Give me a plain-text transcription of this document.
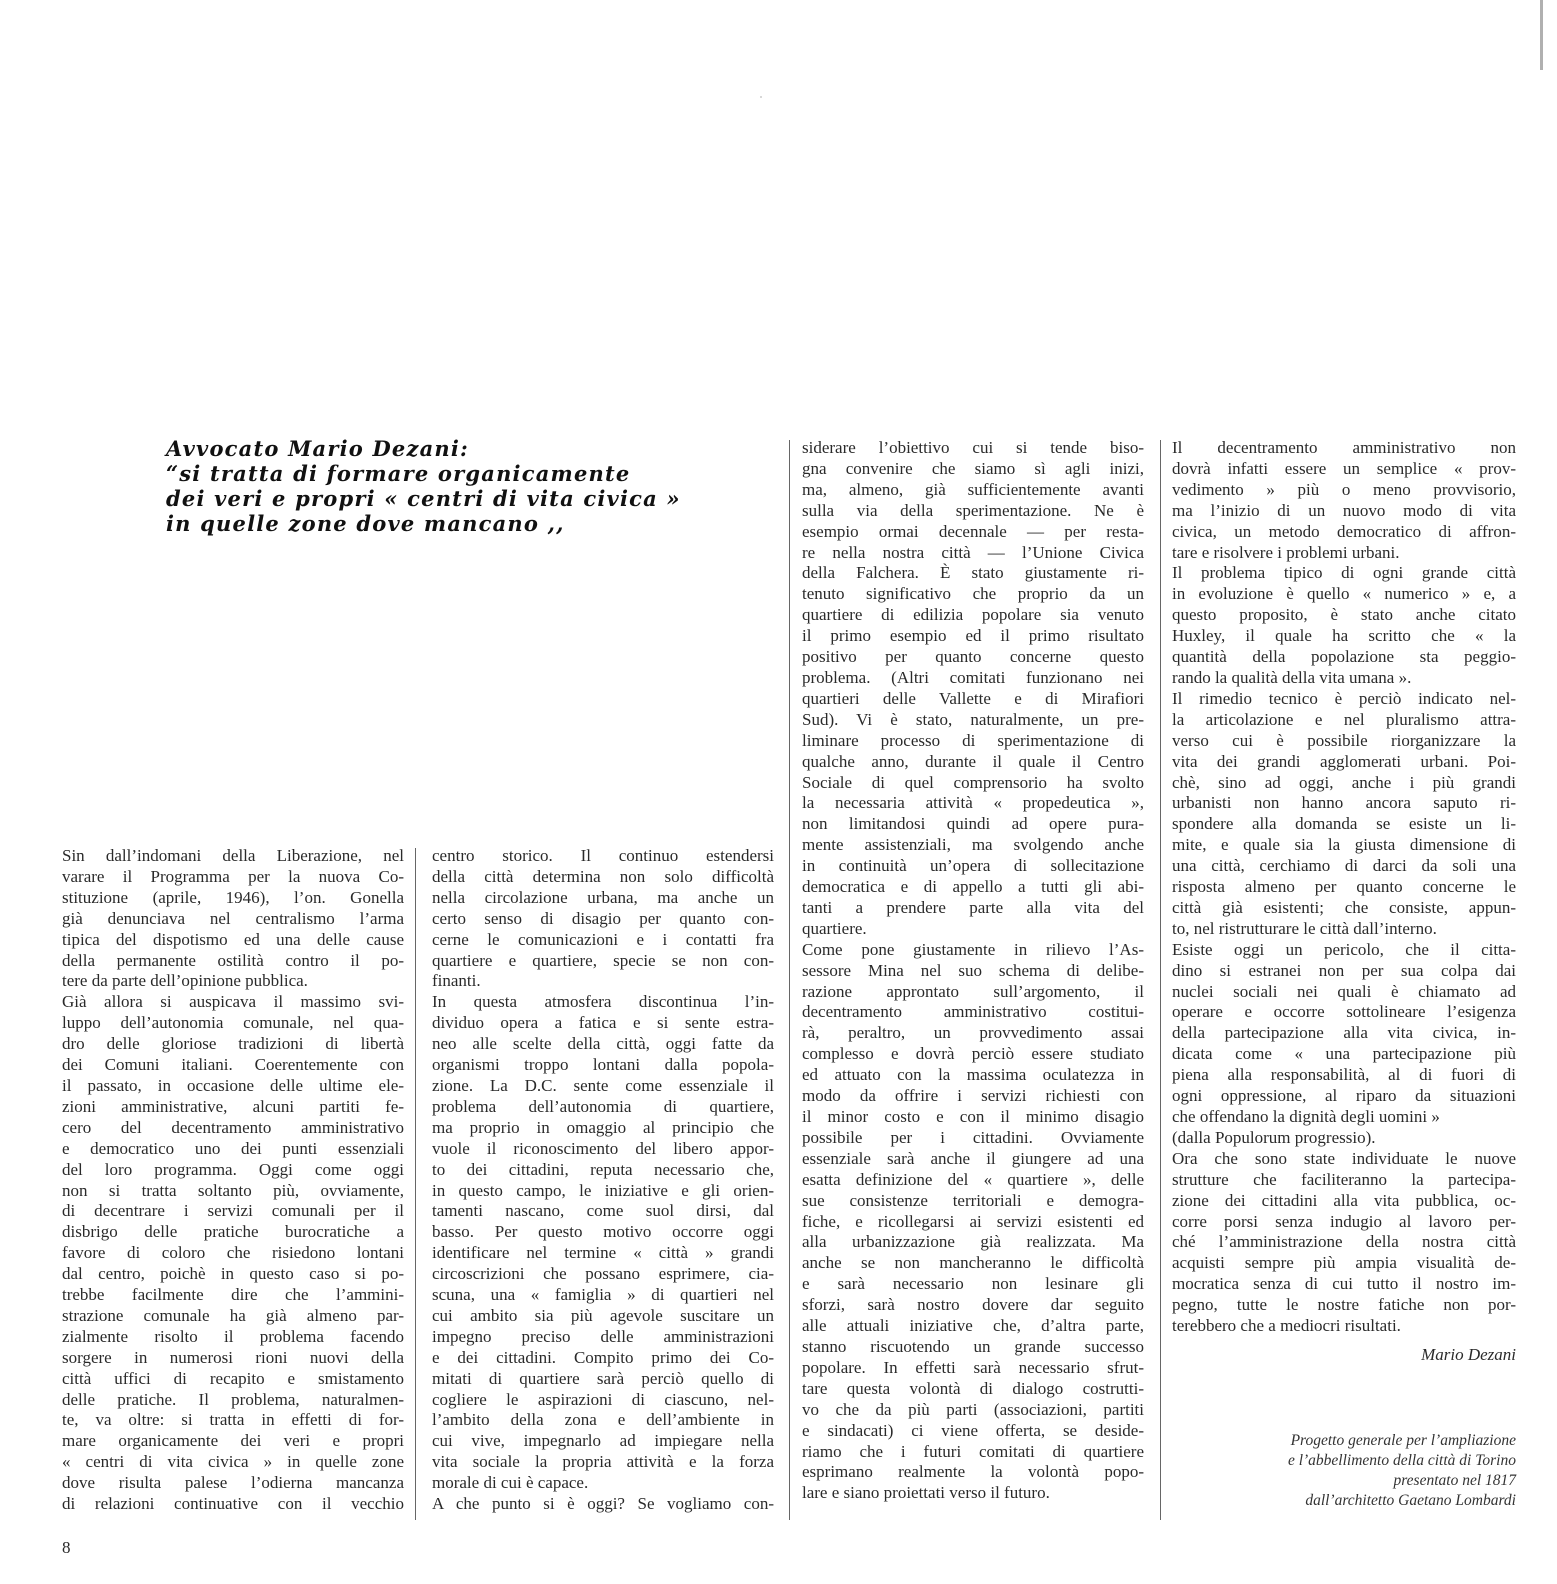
Avvocato Mario Dezani:
“si tratta di formare organicamente
dei veri e propri « centri di vita civica »
in quelle zone dove mancano ,,
Sin dall’indomani della Liberazione, nel
varare il Programma per la nuova Co-
stituzione (aprile, 1946), l’on. Gonella
già denunciava nel centralismo l’arma
tipica del dispotismo ed una delle cause
della permanente ostilità contro il po-
tere da parte dell’opinione pubblica.
Già allora si auspicava il massimo svi-
luppo dell’autonomia comunale, nel qua-
dro delle gloriose tradizioni di libertà
dei Comuni italiani. Coerentemente con
il passato, in occasione delle ultime ele-
zioni amministrative, alcuni partiti fe-
cero del decentramento amministrativo
e democratico uno dei punti essenziali
del loro programma. Oggi come oggi
non si tratta soltanto più, ovviamente,
di decentrare i servizi comunali per il
disbrigo delle pratiche burocratiche a
favore di coloro che risiedono lontani
dal centro, poichè in questo caso si po-
trebbe facilmente dire che l’ammini-
strazione comunale ha già almeno par-
zialmente risolto il problema facendo
sorgere in numerosi rioni nuovi della
città uffici di recapito e smistamento
delle pratiche. Il problema, naturalmen-
te, va oltre: si tratta in effetti di for-
mare organicamente dei veri e propri
« centri di vita civica » in quelle zone
dove risulta palese l’odierna mancanza
di relazioni continuative con il vecchio
centro storico. Il continuo estendersi
della città determina non solo difficoltà
nella circolazione urbana, ma anche un
certo senso di disagio per quanto con-
cerne le comunicazioni e i contatti fra
quartiere e quartiere, specie se non con-
finanti.
In questa atmosfera discontinua l’in-
dividuo opera a fatica e si sente estra-
neo alle scelte della città, oggi fatte da
organismi troppo lontani dalla popola-
zione. La D.C. sente come essenziale il
problema dell’autonomia di quartiere,
ma proprio in omaggio al principio che
vuole il riconoscimento del libero appor-
to dei cittadini, reputa necessario che,
in questo campo, le iniziative e gli orien-
tamenti nascano, come suol dirsi, dal
basso. Per questo motivo occorre oggi
identificare nel termine « città » grandi
circoscrizioni che possano esprimere, cia-
scuna, una « famiglia » di quartieri nel
cui ambito sia più agevole suscitare un
impegno preciso delle amministrazioni
e dei cittadini. Compito primo dei Co-
mitati di quartiere sarà perciò quello di
cogliere le aspirazioni di ciascuno, nel-
l’ambito della zona e dell’ambiente in
cui vive, impegnarlo ad impiegare nella
vita sociale la propria attività e la forza
morale di cui è capace.
A che punto si è oggi? Se vogliamo con-
siderare l’obiettivo cui si tende biso-
gna convenire che siamo sì agli inizi,
ma, almeno, già sufficientemente avanti
sulla via della sperimentazione. Ne è
esempio ormai decennale — per resta-
re nella nostra città — l’Unione Civica
della Falchera. È stato giustamente ri-
tenuto significativo che proprio da un
quartiere di edilizia popolare sia venuto
il primo esempio ed il primo risultato
positivo per quanto concerne questo
problema. (Altri comitati funzionano nei
quartieri delle Vallette e di Mirafiori
Sud). Vi è stato, naturalmente, un pre-
liminare processo di sperimentazione di
qualche anno, durante il quale il Centro
Sociale di quel comprensorio ha svolto
la necessaria attività « propedeutica »,
non limitandosi quindi ad opere pura-
mente assistenziali, ma svolgendo anche
in continuità un’opera di sollecitazione
democratica e di appello a tutti gli abi-
tanti a prendere parte alla vita del
quartiere.
Come pone giustamente in rilievo l’As-
sessore Mina nel suo schema di delibe-
razione approntato sull’argomento, il
decentramento amministrativo costitui-
rà, peraltro, un provvedimento assai
complesso e dovrà perciò essere studiato
ed attuato con la massima oculatezza in
modo da offrire i servizi richiesti con
il minor costo e con il minimo disagio
possibile per i cittadini. Ovviamente
essenziale sarà anche il giungere ad una
esatta definizione del « quartiere », delle
sue consistenze territoriali e demogra-
fiche, e ricollegarsi ai servizi esistenti ed
alla urbanizzazione già realizzata. Ma
anche se non mancheranno le difficoltà
e sarà necessario non lesinare gli
sforzi, sarà nostro dovere dar seguito
alle attuali iniziative che, d’altra parte,
stanno riscuotendo un grande successo
popolare. In effetti sarà necessario sfrut-
tare questa volontà di dialogo costrutti-
vo che da più parti (associazioni, partiti
e sindacati) ci viene offerta, se deside-
riamo che i futuri comitati di quartiere
esprimano realmente la volontà popo-
lare e siano proiettati verso il futuro.
Il decentramento amministrativo non
dovrà infatti essere un semplice « prov-
vedimento » più o meno provvisorio,
ma l’inizio di un nuovo modo di vita
civica, un metodo democratico di affron-
tare e risolvere i problemi urbani.
Il problema tipico di ogni grande città
in evoluzione è quello « numerico » e, a
questo proposito, è stato anche citato
Huxley, il quale ha scritto che « la
quantità della popolazione sta peggio-
rando la qualità della vita umana ».
Il rimedio tecnico è perciò indicato nel-
la articolazione e nel pluralismo attra-
verso cui è possibile riorganizzare la
vita dei grandi agglomerati urbani. Poi-
chè, sino ad oggi, anche i più grandi
urbanisti non hanno ancora saputo ri-
spondere alla domanda se esiste un li-
mite, e quale sia la giusta dimensione di
una città, cerchiamo di darci da soli una
risposta almeno per quanto concerne le
città già esistenti; che consiste, appun-
to, nel ristrutturare le città dall’interno.
Esiste oggi un pericolo, che il citta-
dino si estranei non per sua colpa dai
nuclei sociali nei quali è chiamato ad
operare e occorre sottolineare l’esigenza
della partecipazione alla vita civica, in-
dicata come « una partecipazione più
piena alla responsabilità, al di fuori di
ogni oppressione, al riparo da situazioni
che offendano la dignità degli uomini »
(dalla Populorum progressio).
Ora che sono state individuate le nuove
strutture che faciliteranno la partecipa-
zione dei cittadini alla vita pubblica, oc-
corre porsi senza indugio al lavoro per-
ché l’amministrazione della nostra città
acquisti sempre più ampia visualità de-
mocratica senza di cui tutto il nostro im-
pegno, tutte le nostre fatiche non por-
terebbero che a mediocri risultati.
Mario Dezani
Progetto generale per l’ampliazione
e l’abbellimento della città di Torino
presentato nel 1817
dall’architetto Gaetano Lombardi
8
